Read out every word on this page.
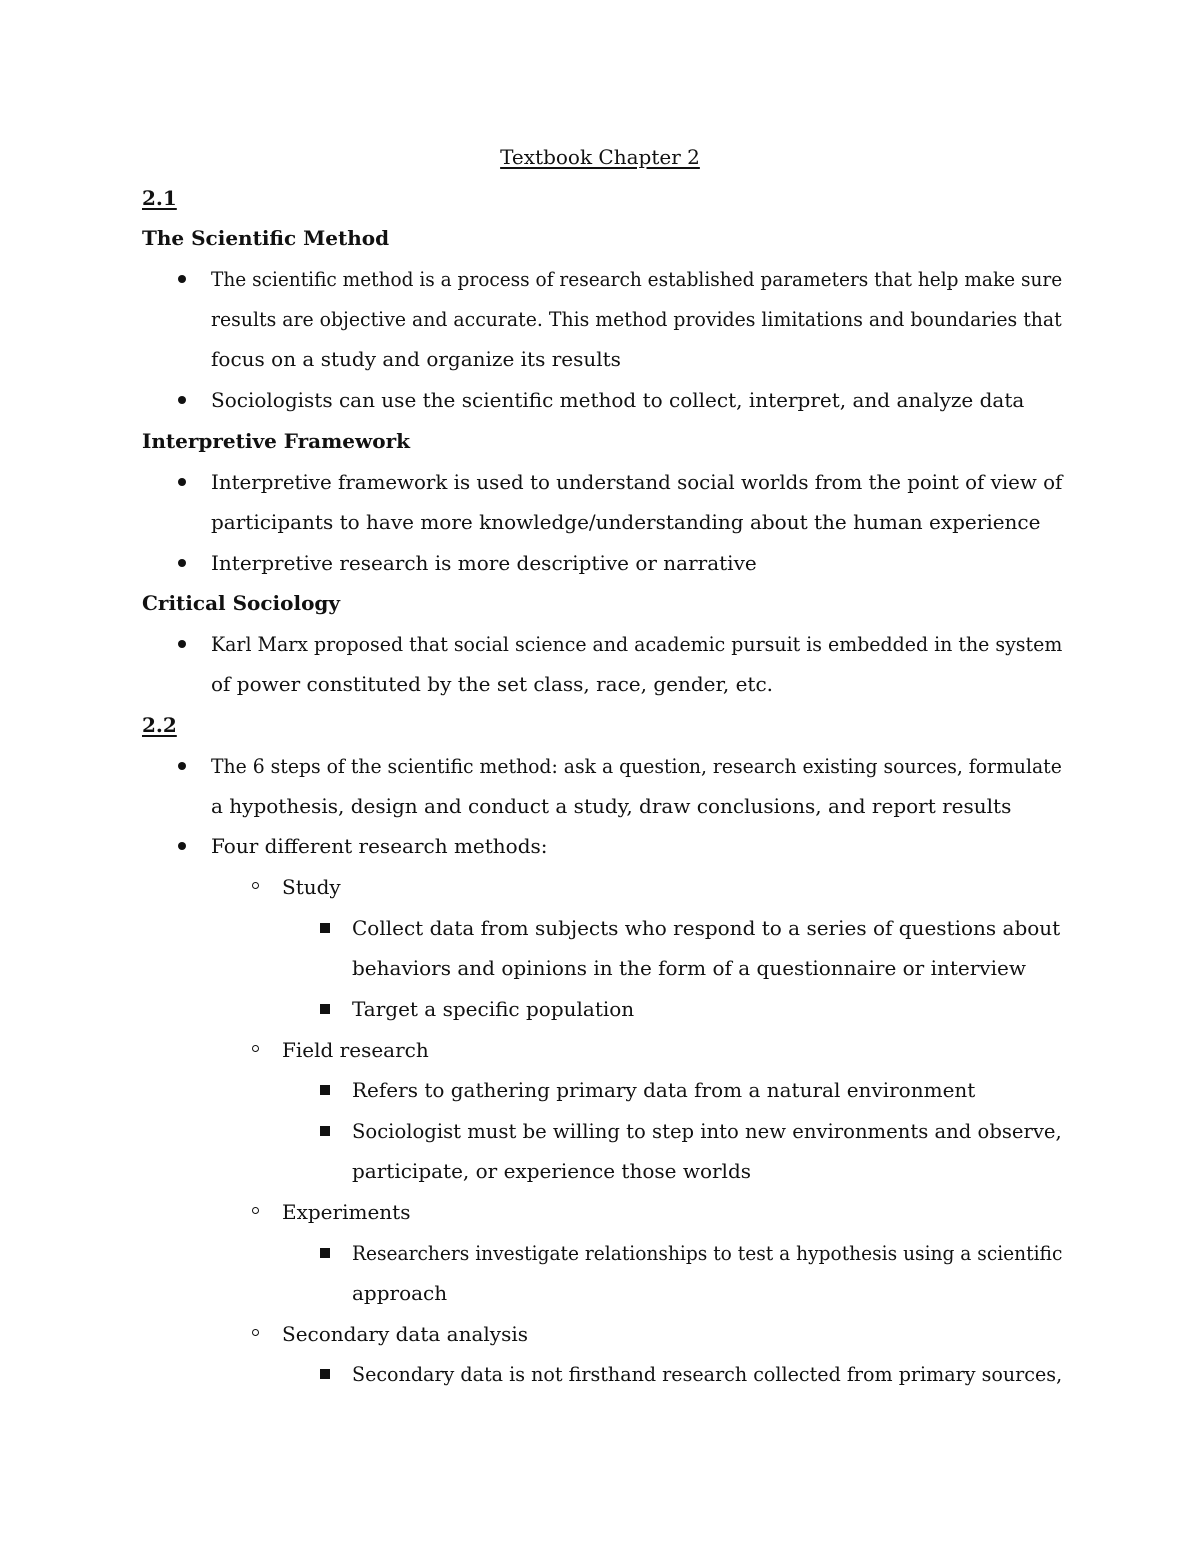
Textbook Chapter 2
2.1
The Scientific Method
The scientific method is a process of research established parameters that help make sure
results are objective and accurate. This method provides limitations and boundaries that
focus on a study and organize its results
Sociologists can use the scientific method to collect, interpret, and analyze data
Interpretive Framework
Interpretive framework is used to understand social worlds from the point of view of
participants to have more knowledge/understanding about the human experience
Interpretive research is more descriptive or narrative
Critical Sociology
Karl Marx proposed that social science and academic pursuit is embedded in the system
of power constituted by the set class, race, gender, etc.
2.2
The 6 steps of the scientific method: ask a question, research existing sources, formulate
a hypothesis, design and conduct a study, draw conclusions, and report results
Four different research methods:
Study
Collect data from subjects who respond to a series of questions about
behaviors and opinions in the form of a questionnaire or interview
Target a specific population
Field research
Refers to gathering primary data from a natural environment
Sociologist must be willing to step into new environments and observe,
participate, or experience those worlds
Experiments
Researchers investigate relationships to test a hypothesis using a scientific
approach
Secondary data analysis
Secondary data is not firsthand research collected from primary sources,
